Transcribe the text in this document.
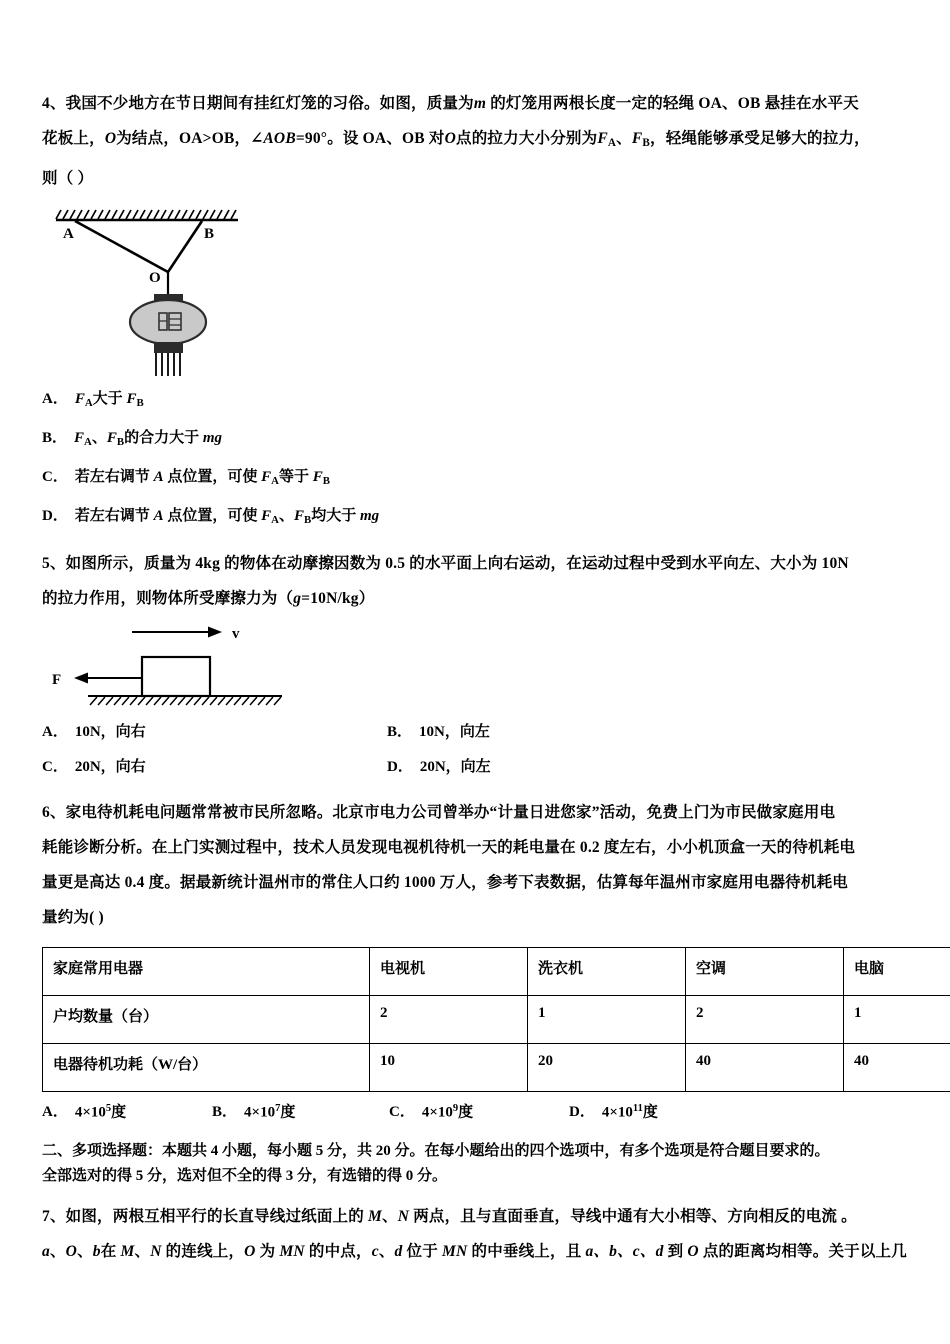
4、我国不少地方在节日期间有挂红灯笼的习俗。如图，质量为m 的灯笼用两根长度一定的轻绳 OA、OB 悬挂在水平天
花板上，O为结点，OA>OB，∠AOB=90°。设 OA、OB 对O点的拉力大小分别为$F_A$、$F_B$，轻绳能够承受足够大的拉力，
则（ ）
A	B
O
A． $F_A$大于 $F_B$
B． $F_A$、$F_B$的合力大于 mg
C． 若左右调节 A 点位置，可使 $F_A$等于 $F_B$
D． 若左右调节 A 点位置，可使 $F_A$、$F_B$均大于 mg
5、如图所示，质量为 4kg 的物体在动摩擦因数为 0.5 的水平面上向右运动，在运动过程中受到水平向左、大小为 10N
的拉力作用，则物体所受摩擦力为（g=10N/kg）
v
F
A． 10N，向右	B． 10N，向左
C． 20N，向右	D． 20N，向左
6、家电待机耗电问题常常被市民所忽略。北京市电力公司曾举办“计量日进您家”活动，免费上门为市民做家庭用电
耗能诊断分析。在上门实测过程中，技术人员发现电视机待机一天的耗电量在 0.2 度左右，小小机顶盒一天的待机耗电
量更是高达 0.4 度。据最新统计温州市的常住人口约 1000 万人，参考下表数据，估算每年温州市家庭用电器待机耗电
量约为( )
家庭常用电器	电视机	洗衣机	空调	电脑
户均数量（台）	2	1	2	1
电器待机功耗（W/台）	10	20	40	40
A． $4\times 10^5$度	B． $4\times 10^7$度	C． $4\times 10^9$度	D． $4\times 10^{11}$度
二、多项选择题：本题共 4 小题，每小题 5 分，共 20 分。在每小题给出的四个选项中，有多个选项是符合题目要求的。
全部选对的得 5 分，选对但不全的得 3 分，有选错的得 0 分。
7、如图，两根互相平行的长直导线过纸面上的 M、N 两点，且与直面垂直，导线中通有大小相等、方向相反的电流 。
a、O、b在 M、N 的连线上，O 为 MN 的中点，c、d 位于 MN 的中垂线上，且 a、b、c、d 到 O 点的距离均相等。关于以上几
